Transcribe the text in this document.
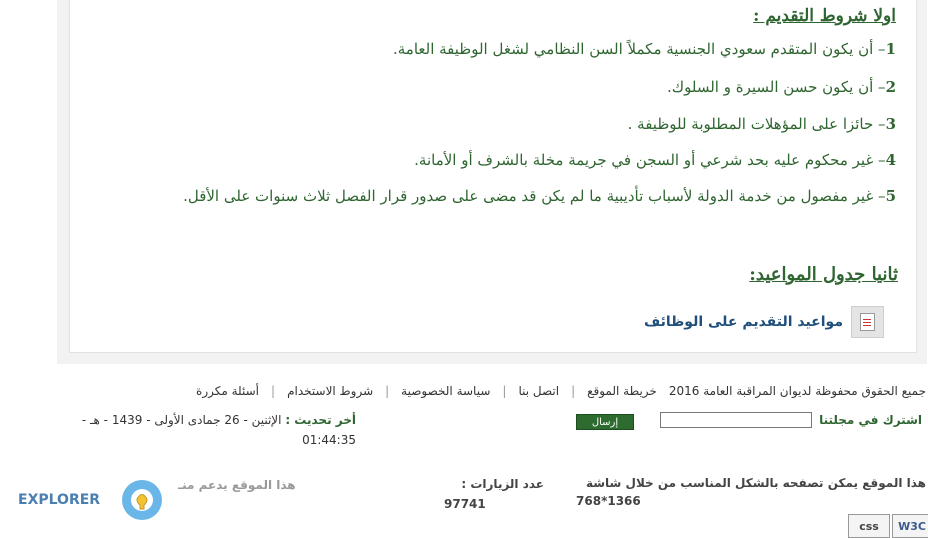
اولا شروط التقديم :
1– أن يكون المتقدم سعودي الجنسية مكملاً السن النظامي لشغل الوظيفة العامة.
2– أن يكون حسن السيرة و السلوك.
3– حائزا على المؤهلات المطلوبة للوظيفة .
4– غير محكوم عليه بحد شرعي أو السجن في جريمة مخلة بالشرف أو الأمانة.
5– غير مفصول من خدمة الدولة لأسباب تأديبية ما لم يكن قد مضى على صدور قرار الفصل ثلاث سنوات على الأقل.
ثانيا جدول المواعيد:
مواعيد التقديم على الوظائف
جميع الحقوق محفوظة لديوان المراقبة العامة 2016
خريطة الموقع
|
اتصل بنا
|
سياسة الخصوصية
|
شروط الاستخدام
|
أسئلة مكررة
اشترك في مجلتنا
إرسال
أخر تحديث : الإثنين - 26 جمادى الأولى - 1439 - هـ - 01:44:35
هذا الموقع يمكن تصفحه بالشكل المناسب من خلال شاشة
1366*768
عدد الزيارات :
97741
هذا الموقع يدعم منـ
EXPLORER
W3C
css
